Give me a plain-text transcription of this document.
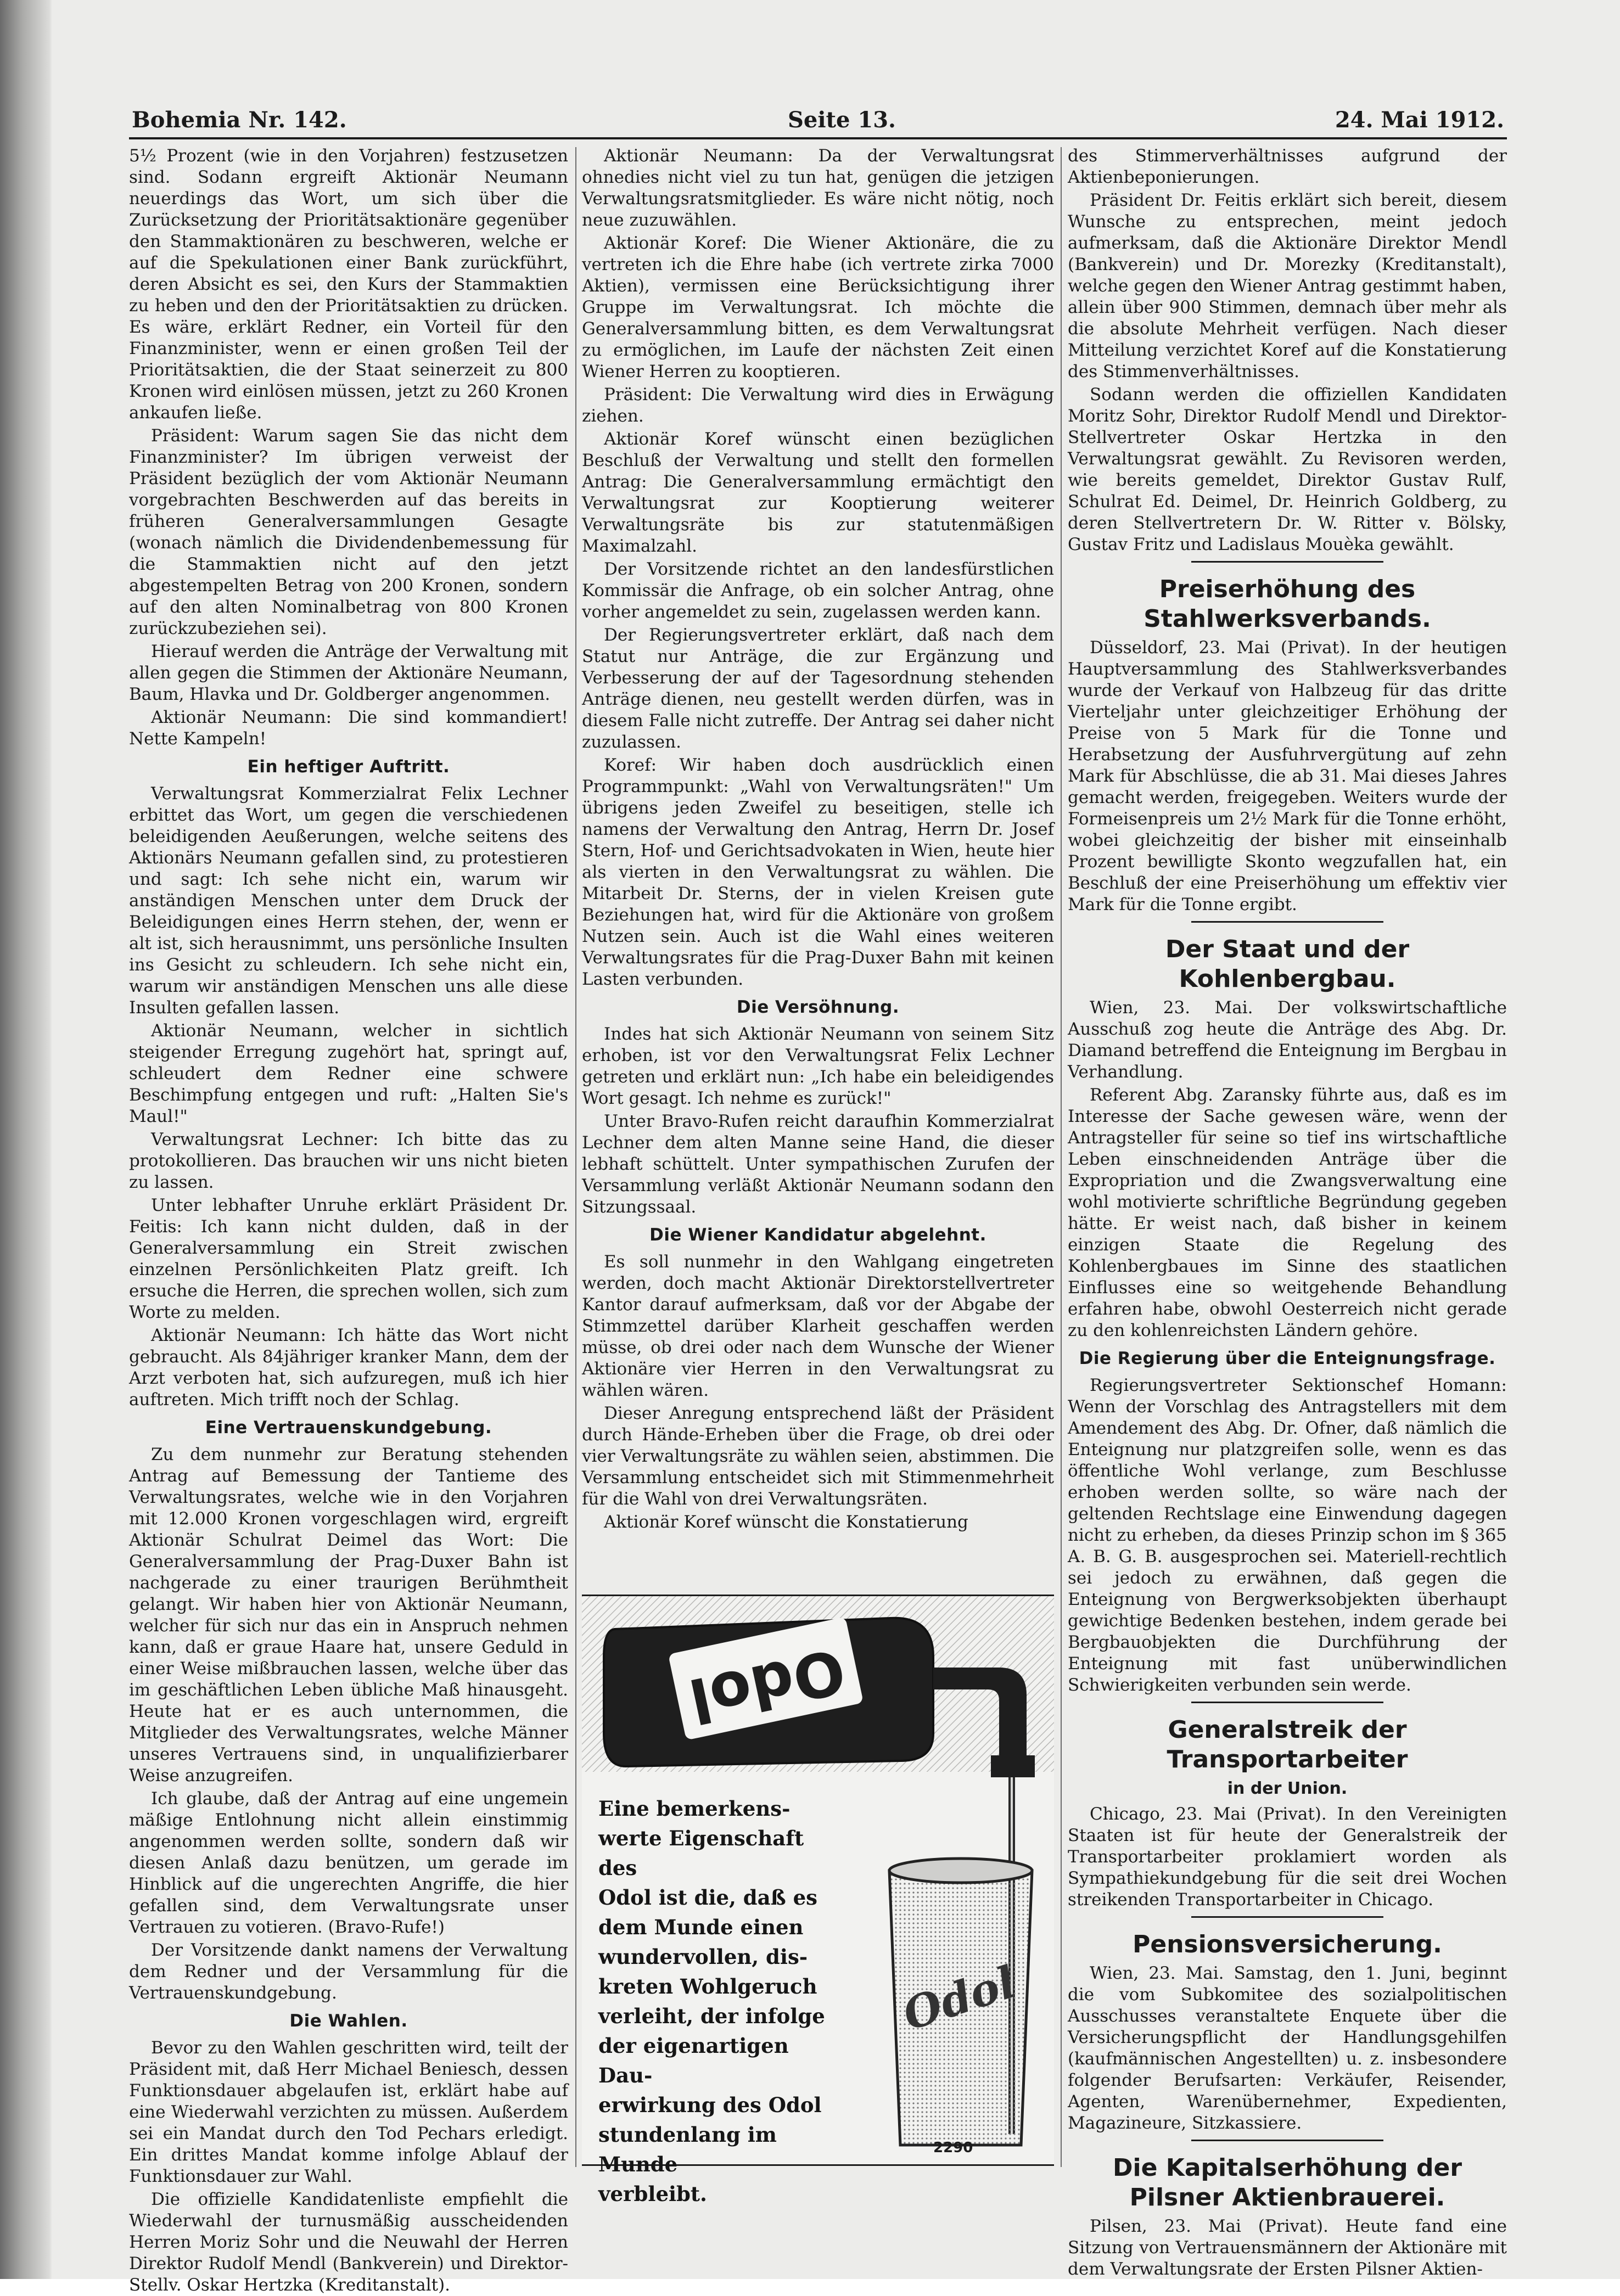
Bohemia Nr. 142.	Seite 13.	24. Mai 1912.

5½ Prozent (wie in den Vorjahren) festzusetzen sind. Sodann ergreift Aktionär Neumann neuerdings das Wort, um sich über die Zurücksetzung der Prioritätsaktionäre gegenüber den Stammaktionären zu beschweren, welche er auf die Spekulationen einer Bank zurückführt, deren Absicht es sei, den Kurs der Stammaktien zu heben und den der Prioritätsaktien zu drücken. Es wäre, erklärt Redner, ein Vorteil für den Finanzminister, wenn er einen großen Teil der Prioritätsaktien, die der Staat seinerzeit zu 800 Kronen wird einlösen müssen, jetzt zu 260 Kronen ankaufen ließe.

Präsident: Warum sagen Sie das nicht dem Finanzminister? Im übrigen verweist der Präsident bezüglich der vom Aktionär Neumann vorgebrachten Beschwerden auf das bereits in früheren Generalversammlungen Gesagte (wonach nämlich die Dividendenbemessung für die Stammaktien nicht auf den jetzt abgestempelten Betrag von 200 Kronen, sondern auf den alten Nominalbetrag von 800 Kronen zurückzubeziehen sei).

Hierauf werden die Anträge der Verwaltung mit allen gegen die Stimmen der Aktionäre Neumann, Baum, Hlavka und Dr. Goldberger angenommen.

Aktionär Neumann: Die sind kommandiert! Nette Kampeln!

Ein heftiger Auftritt.

Verwaltungsrat Kommerzialrat Felix Lechner erbittet das Wort, um gegen die verschiedenen beleidigenden Aeußerungen, welche seitens des Aktionärs Neumann gefallen sind, zu protestieren und sagt: Ich sehe nicht ein, warum wir anständigen Menschen unter dem Druck der Beleidigungen eines Herrn stehen, der, wenn er alt ist, sich herausnimmt, uns persönliche Insulten ins Gesicht zu schleudern. Ich sehe nicht ein, warum wir anständigen Menschen uns alle diese Insulten gefallen lassen.

Aktionär Neumann, welcher in sichtlich steigender Erregung zugehört hat, springt auf, schleudert dem Redner eine schwere Beschimpfung entgegen und ruft: „Halten Sie's Maul!"

Verwaltungsrat Lechner: Ich bitte das zu protokollieren. Das brauchen wir uns nicht bieten zu lassen.

Unter lebhafter Unruhe erklärt Präsident Dr. Feitis: Ich kann nicht dulden, daß in der Generalversammlung ein Streit zwischen einzelnen Persönlichkeiten Platz greift. Ich ersuche die Herren, die sprechen wollen, sich zum Worte zu melden.

Aktionär Neumann: Ich hätte das Wort nicht gebraucht. Als 84jähriger kranker Mann, dem der Arzt verboten hat, sich aufzuregen, muß ich hier auftreten. Mich trifft noch der Schlag.

Eine Vertrauenskundgebung.

Zu dem nunmehr zur Beratung stehenden Antrag auf Bemessung der Tantieme des Verwaltungsrates, welche wie in den Vorjahren mit 12.000 Kronen vorgeschlagen wird, ergreift Aktionär Schulrat Deimel das Wort: Die Generalversammlung der Prag-Duxer Bahn ist nachgerade zu einer traurigen Berühmtheit gelangt. Wir haben hier von Aktionär Neumann, welcher für sich nur das ein in Anspruch nehmen kann, daß er graue Haare hat, unsere Geduld in einer Weise mißbrauchen lassen, welche über das im geschäftlichen Leben übliche Maß hinausgeht. Heute hat er es auch unternommen, die Mitglieder des Verwaltungsrates, welche Männer unseres Vertrauens sind, in unqualifizierbarer Weise anzugreifen.

Ich glaube, daß der Antrag auf eine ungemein mäßige Entlohnung nicht allein einstimmig angenommen werden sollte, sondern daß wir diesen Anlaß dazu benützen, um gerade im Hinblick auf die ungerechten Angriffe, die hier gefallen sind, dem Verwaltungsrate unser Vertrauen zu votieren. (Bravo-Rufe!)

Der Vorsitzende dankt namens der Verwaltung dem Redner und der Versammlung für die Vertrauenskundgebung.

Die Wahlen.

Bevor zu den Wahlen geschritten wird, teilt der Präsident mit, daß Herr Michael Beniesch, dessen Funktionsdauer abgelaufen ist, erklärt habe auf eine Wiederwahl verzichten zu müssen. Außerdem sei ein Mandat durch den Tod Pechars erledigt. Ein drittes Mandat komme infolge Ablauf der Funktionsdauer zur Wahl.

Die offizielle Kandidatenliste empfiehlt die Wiederwahl der turnusmäßig ausscheidenden Herren Moriz Sohr und die Neuwahl der Herren Direktor Rudolf Mendl (Bankverein) und Direktor-Stellv. Oskar Hertzka (Kreditanstalt).

Aktionär Neumann: Da der Verwaltungsrat ohnedies nicht viel zu tun hat, genügen die jetzigen Verwaltungsratsmitglieder. Es wäre nicht nötig, noch neue zuzuwählen.

Aktionär Koref: Die Wiener Aktionäre, die zu vertreten ich die Ehre habe (ich vertrete zirka 7000 Aktien), vermissen eine Berücksichtigung ihrer Gruppe im Verwaltungsrat. Ich möchte die Generalversammlung bitten, es dem Verwaltungsrat zu ermöglichen, im Laufe der nächsten Zeit einen Wiener Herren zu kooptieren.

Präsident: Die Verwaltung wird dies in Erwägung ziehen.

Aktionär Koref wünscht einen bezüglichen Beschluß der Verwaltung und stellt den formellen Antrag: Die Generalversammlung ermächtigt den Verwaltungsrat zur Kooptierung weiterer Verwaltungsräte bis zur statutenmäßigen Maximalzahl.

Der Vorsitzende richtet an den landesfürstlichen Kommissär die Anfrage, ob ein solcher Antrag, ohne vorher angemeldet zu sein, zugelassen werden kann.

Der Regierungsvertreter erklärt, daß nach dem Statut nur Anträge, die zur Ergänzung und Verbesserung der auf der Tagesordnung stehenden Anträge dienen, neu gestellt werden dürfen, was in diesem Falle nicht zutreffe. Der Antrag sei daher nicht zuzulassen.

Koref: Wir haben doch ausdrücklich einen Programmpunkt: „Wahl von Verwaltungsräten!" Um übrigens jeden Zweifel zu beseitigen, stelle ich namens der Verwaltung den Antrag, Herrn Dr. Josef Stern, Hof- und Gerichtsadvokaten in Wien, heute hier als vierten in den Verwaltungsrat zu wählen. Die Mitarbeit Dr. Sterns, der in vielen Kreisen gute Beziehungen hat, wird für die Aktionäre von großem Nutzen sein. Auch ist die Wahl eines weiteren Verwaltungsrates für die Prag-Duxer Bahn mit keinen Lasten verbunden.

Die Versöhnung.

Indes hat sich Aktionär Neumann von seinem Sitz erhoben, ist vor den Verwaltungsrat Felix Lechner getreten und erklärt nun: „Ich habe ein beleidigendes Wort gesagt. Ich nehme es zurück!"

Unter Bravo-Rufen reicht daraufhin Kommerzialrat Lechner dem alten Manne seine Hand, die dieser lebhaft schüttelt. Unter sympathischen Zurufen der Versammlung verläßt Aktionär Neumann sodann den Sitzungssaal.

Die Wiener Kandidatur abgelehnt.

Es soll nunmehr in den Wahlgang eingetreten werden, doch macht Aktionär Direktorstellvertreter Kantor darauf aufmerksam, daß vor der Abgabe der Stimmzettel darüber Klarheit geschaffen werden müsse, ob drei oder nach dem Wunsche der Wiener Aktionäre vier Herren in den Verwaltungsrat zu wählen wären.

Dieser Anregung entsprechend läßt der Präsident durch Hände-Erheben über die Frage, ob drei oder vier Verwaltungsräte zu wählen seien, abstimmen. Die Versammlung entscheidet sich mit Stimmenmehrheit für die Wahl von drei Verwaltungsräten.

Aktionär Koref wünscht die Konstatierung

Odol
Odol
Eine bemerkens-
werte Eigenschaft des
Odol ist die, daß es
dem Munde einen
wundervollen, dis-
kreten Wohlgeruch
verleiht, der infolge
der eigenartigen Dau-
erwirkung des Odol
stundenlang im Munde
verbleibt.
2290

des Stimmerverhältnisses aufgrund der Aktienbeponierungen.

Präsident Dr. Feitis erklärt sich bereit, diesem Wunsche zu entsprechen, meint jedoch aufmerksam, daß die Aktionäre Direktor Mendl (Bankverein) und Dr. Morezky (Kreditanstalt), welche gegen den Wiener Antrag gestimmt haben, allein über 900 Stimmen, demnach über mehr als die absolute Mehrheit verfügen. Nach dieser Mitteilung verzichtet Koref auf die Konstatierung des Stimmenverhältnisses.

Sodann werden die offiziellen Kandidaten Moritz Sohr, Direktor Rudolf Mendl und Direktor-Stellvertreter Oskar Hertzka in den Verwaltungsrat gewählt. Zu Revisoren werden, wie bereits gemeldet, Direktor Gustav Rulf, Schulrat Ed. Deimel, Dr. Heinrich Goldberg, zu deren Stellvertretern Dr. W. Ritter v. Bölsky, Gustav Fritz und Ladislaus Mouèka gewählt.

Preiserhöhung des Stahlwerksverbands.

Düsseldorf, 23. Mai (Privat). In der heutigen Hauptversammlung des Stahlwerksverbandes wurde der Verkauf von Halbzeug für das dritte Vierteljahr unter gleichzeitiger Erhöhung der Preise von 5 Mark für die Tonne und Herabsetzung der Ausfuhrvergütung auf zehn Mark für Abschlüsse, die ab 31. Mai dieses Jahres gemacht werden, freigegeben. Weiters wurde der Formeisenpreis um 2½ Mark für die Tonne erhöht, wobei gleichzeitig der bisher mit einseinhalb Prozent bewilligte Skonto wegzufallen hat, ein Beschluß der eine Preiserhöhung um effektiv vier Mark für die Tonne ergibt.

Der Staat und der Kohlenbergbau.

Wien, 23. Mai. Der volkswirtschaftliche Ausschuß zog heute die Anträge des Abg. Dr. Diamand betreffend die Enteignung im Bergbau in Verhandlung.

Referent Abg. Zaransky führte aus, daß es im Interesse der Sache gewesen wäre, wenn der Antragsteller für seine so tief ins wirtschaftliche Leben einschneidenden Anträge über die Expropriation und die Zwangsverwaltung eine wohl motivierte schriftliche Begründung gegeben hätte. Er weist nach, daß bisher in keinem einzigen Staate die Regelung des Kohlenbergbaues im Sinne des staatlichen Einflusses eine so weitgehende Behandlung erfahren habe, obwohl Oesterreich nicht gerade zu den kohlenreichsten Ländern gehöre.

Die Regierung über die Enteignungsfrage.

Regierungsvertreter Sektionschef Homann: Wenn der Vorschlag des Antragstellers mit dem Amendement des Abg. Dr. Ofner, daß nämlich die Enteignung nur platzgreifen solle, wenn es das öffentliche Wohl verlange, zum Beschlusse erhoben werden sollte, so wäre nach der geltenden Rechtslage eine Einwendung dagegen nicht zu erheben, da dieses Prinzip schon im § 365 A. B. G. B. ausgesprochen sei. Materiell-rechtlich sei jedoch zu erwähnen, daß gegen die Enteignung von Bergwerksobjekten überhaupt gewichtige Bedenken bestehen, indem gerade bei Bergbauobjekten die Durchführung der Enteignung mit fast unüberwindlichen Schwierigkeiten verbunden sein werde.

Generalstreik der Transportarbeiter
in der Union.

Chicago, 23. Mai (Privat). In den Vereinigten Staaten ist für heute der Generalstreik der Transportarbeiter proklamiert worden als Sympathiekundgebung für die seit drei Wochen streikenden Transportarbeiter in Chicago.

Pensionsversicherung.

Wien, 23. Mai. Samstag, den 1. Juni, beginnt die vom Subkomitee des sozialpolitischen Ausschusses veranstaltete Enquete über die Versicherungspflicht der Handlungsgehilfen (kaufmännischen Angestellten) u. z. insbesondere folgender Berufsarten: Verkäufer, Reisender, Agenten, Warenübernehmer, Expedienten, Magazineure, Sitzkassiere.

Die Kapitalserhöhung der Pilsner Aktienbrauerei.

Pilsen, 23. Mai (Privat). Heute fand eine Sitzung von Vertrauensmännern der Aktionäre mit dem Verwaltungsrate der Ersten Pilsner Aktien-
